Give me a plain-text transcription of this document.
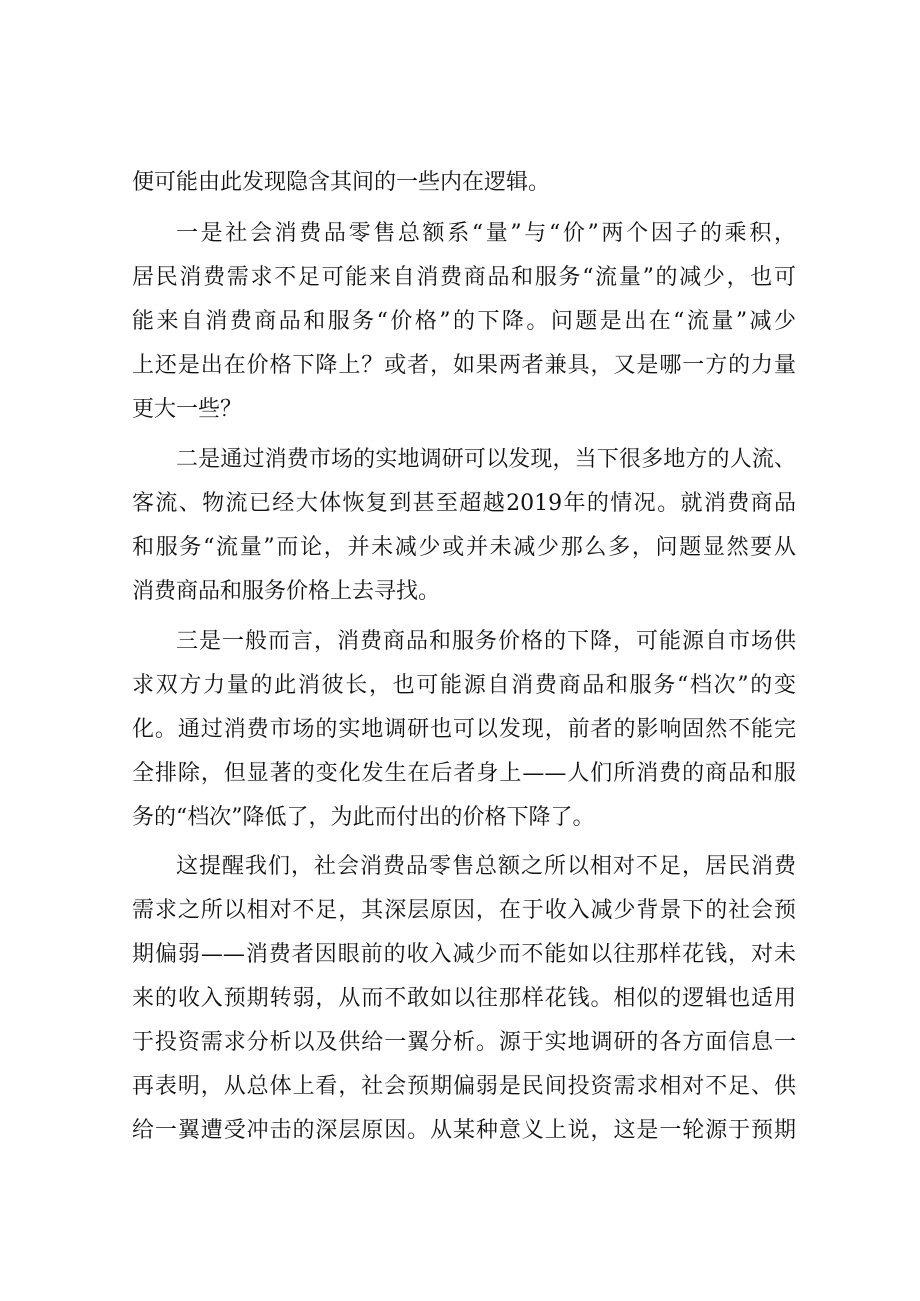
便可能由此发现隐含其间的一些内在逻辑。
一是社会消费品零售总额系“量”与“价”两个因子的乘积，
居民消费需求不足可能来自消费商品和服务“流量”的减少，也可
能来自消费商品和服务“价格”的下降。问题是出在“流量”减少
上还是出在价格下降上？或者，如果两者兼具，又是哪一方的力量
更大一些？
二是通过消费市场的实地调研可以发现，当下很多地方的人流、
客流、物流已经大体恢复到甚至超越2019年的情况。就消费商品
和服务“流量”而论，并未减少或并未减少那么多，问题显然要从
消费商品和服务价格上去寻找。
三是一般而言，消费商品和服务价格的下降，可能源自市场供
求双方力量的此消彼长，也可能源自消费商品和服务“档次”的变
化。通过消费市场的实地调研也可以发现，前者的影响固然不能完
全排除，但显著的变化发生在后者身上——人们所消费的商品和服
务的“档次”降低了，为此而付出的价格下降了。
这提醒我们，社会消费品零售总额之所以相对不足，居民消费
需求之所以相对不足，其深层原因，在于收入减少背景下的社会预
期偏弱——消费者因眼前的收入减少而不能如以往那样花钱，对未
来的收入预期转弱，从而不敢如以往那样花钱。相似的逻辑也适用
于投资需求分析以及供给一翼分析。源于实地调研的各方面信息一
再表明，从总体上看，社会预期偏弱是民间投资需求相对不足、供
给一翼遭受冲击的深层原因。从某种意义上说，这是一轮源于预期
